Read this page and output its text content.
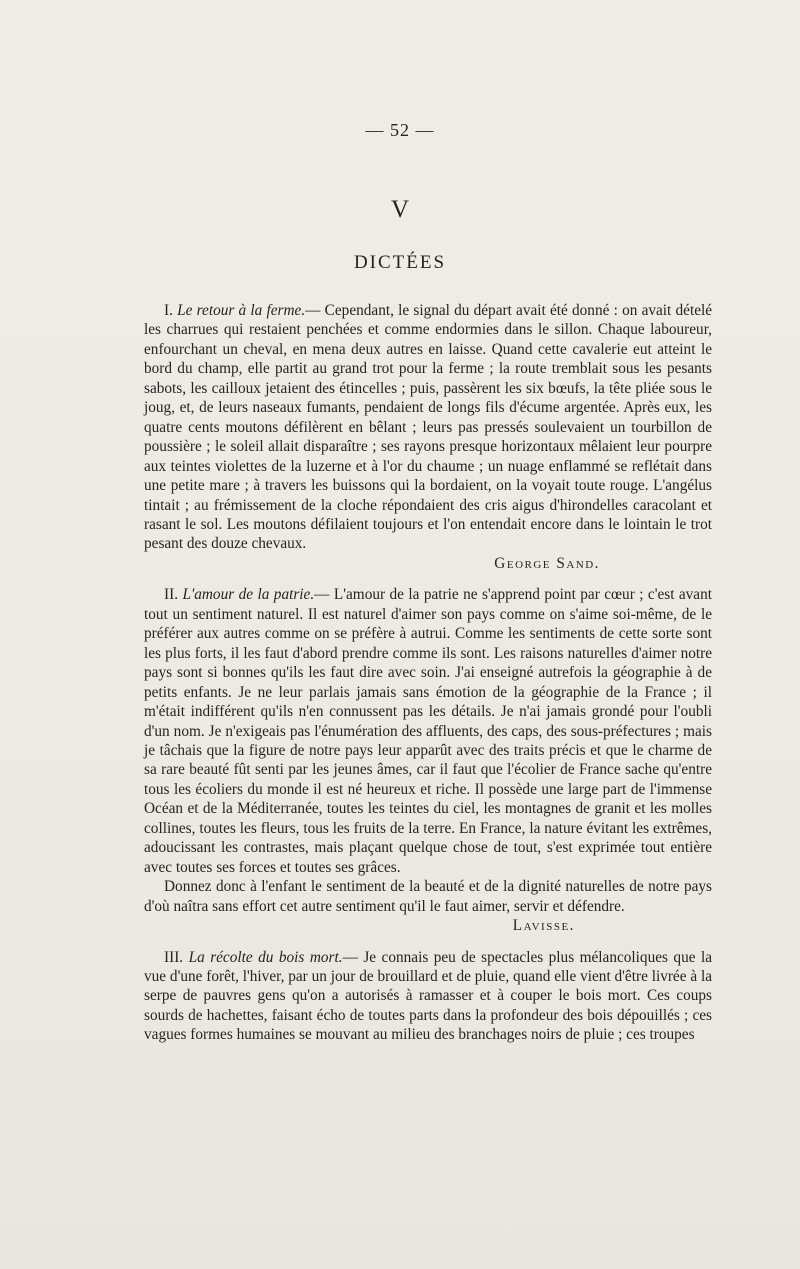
— 52 —
V
DICTÉES

I. Le retour à la ferme.— Cependant, le signal du départ avait été donné : on avait dételé les charrues qui restaient penchées et comme endormies dans le sillon. Chaque laboureur, enfourchant un cheval, en mena deux autres en laisse. Quand cette cavalerie eut atteint le bord du champ, elle partit au grand trot pour la ferme ; la route tremblait sous les pesants sabots, les cailloux jetaient des étincelles ; puis, passèrent les six bœufs, la tête pliée sous le joug, et, de leurs naseaux fumants, pendaient de longs fils d'écume argentée. Après eux, les quatre cents moutons défilèrent en bêlant ; leurs pas pressés soulevaient un tourbillon de poussière ; le soleil allait disparaître ; ses rayons presque horizontaux mêlaient leur pourpre aux teintes violettes de la luzerne et à l'or du chaume ; un nuage enflammé se reflétait dans une petite mare ; à travers les buissons qui la bordaient, on la voyait toute rouge. L'angélus tintait ; au frémissement de la cloche répondaient des cris aigus d'hirondelles caracolant et rasant le sol. Les moutons défilaient toujours et l'on entendait encore dans le lointain le trot pesant des douze chevaux.

George Sand.

II. L'amour de la patrie.— L'amour de la patrie ne s'apprend point par cœur ; c'est avant tout un sentiment naturel. Il est naturel d'aimer son pays comme on s'aime soi-même, de le préférer aux autres comme on se préfère à autrui. Comme les sentiments de cette sorte sont les plus forts, il les faut d'abord prendre comme ils sont. Les raisons naturelles d'aimer notre pays sont si bonnes qu'ils les faut dire avec soin. J'ai enseigné autrefois la géographie à de petits enfants. Je ne leur parlais jamais sans émotion de la géographie de la France ; il m'était indifférent qu'ils n'en connussent pas les détails. Je n'ai jamais grondé pour l'oubli d'un nom. Je n'exigeais pas l'énumération des affluents, des caps, des sous-préfectures ; mais je tâchais que la figure de notre pays leur apparût avec des traits précis et que le charme de sa rare beauté fût senti par les jeunes âmes, car il faut que l'écolier de France sache qu'entre tous les écoliers du monde il est né heureux et riche. Il possède une large part de l'immense Océan et de la Méditerranée, toutes les teintes du ciel, les montagnes de granit et les molles collines, toutes les fleurs, tous les fruits de la terre. En France, la nature évitant les extrêmes, adoucissant les contrastes, mais plaçant quelque chose de tout, s'est exprimée tout entière avec toutes ses forces et toutes ses grâces.

Donnez donc à l'enfant le sentiment de la beauté et de la dignité naturelles de notre pays d'où naîtra sans effort cet autre sentiment qu'il le faut aimer, servir et défendre.

Lavisse.

III. La récolte du bois mort.— Je connais peu de spectacles plus mélancoliques que la vue d'une forêt, l'hiver, par un jour de brouillard et de pluie, quand elle vient d'être livrée à la serpe de pauvres gens qu'on a autorisés à ramasser et à couper le bois mort. Ces coups sourds de hachettes, faisant écho de toutes parts dans la profondeur des bois dépouillés ; ces vagues formes humaines se mouvant au milieu des branchages noirs de pluie ; ces troupes
